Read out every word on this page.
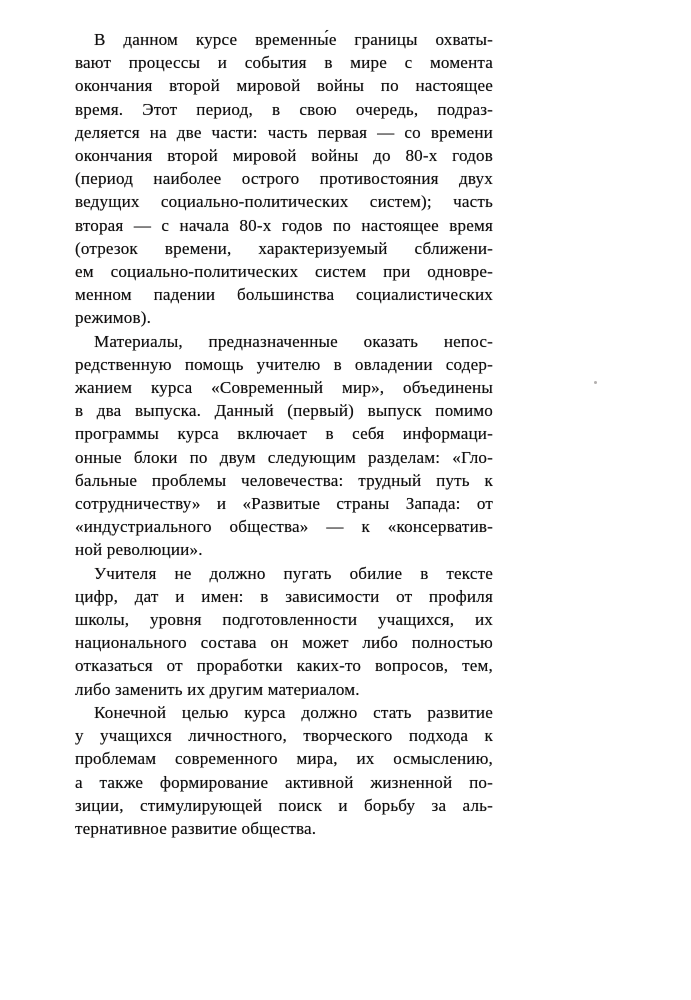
В данном курсе временны́е границы охваты-
вают процессы и события в мире с момента
окончания второй мировой войны по настоящее
время. Этот период, в свою очередь, подраз-
деляется на две части: часть первая — со времени
окончания второй мировой войны до 80-х годов
(период наиболее острого противостояния двух
ведущих социально-политических систем); часть
вторая — с начала 80-х годов по настоящее время
(отрезок времени, характеризуемый сближени-
ем социально-политических систем при одновре-
менном падении большинства социалистических
режимов).

Материалы, предназначенные оказать непос-
редственную помощь учителю в овладении содер-
жанием курса «Современный мир», объединены
в два выпуска. Данный (первый) выпуск помимо
программы курса включает в себя информаци-
онные блоки по двум следующим разделам: «Гло-
бальные проблемы человечества: трудный путь к
сотрудничеству» и «Развитые страны Запада: от
«индустриального общества» — к «консерватив-
ной революции».

Учителя не должно пугать обилие в тексте
цифр, дат и имен: в зависимости от профиля
школы, уровня подготовленности учащихся, их
национального состава он может либо полностью
отказаться от проработки каких-то вопросов, тем,
либо заменить их другим материалом.

Конечной целью курса должно стать развитие
у учащихся личностного, творческого подхода к
проблемам современного мира, их осмыслению,
а также формирование активной жизненной по-
зиции, стимулирующей поиск и борьбу за аль-
тернативное развитие общества.
